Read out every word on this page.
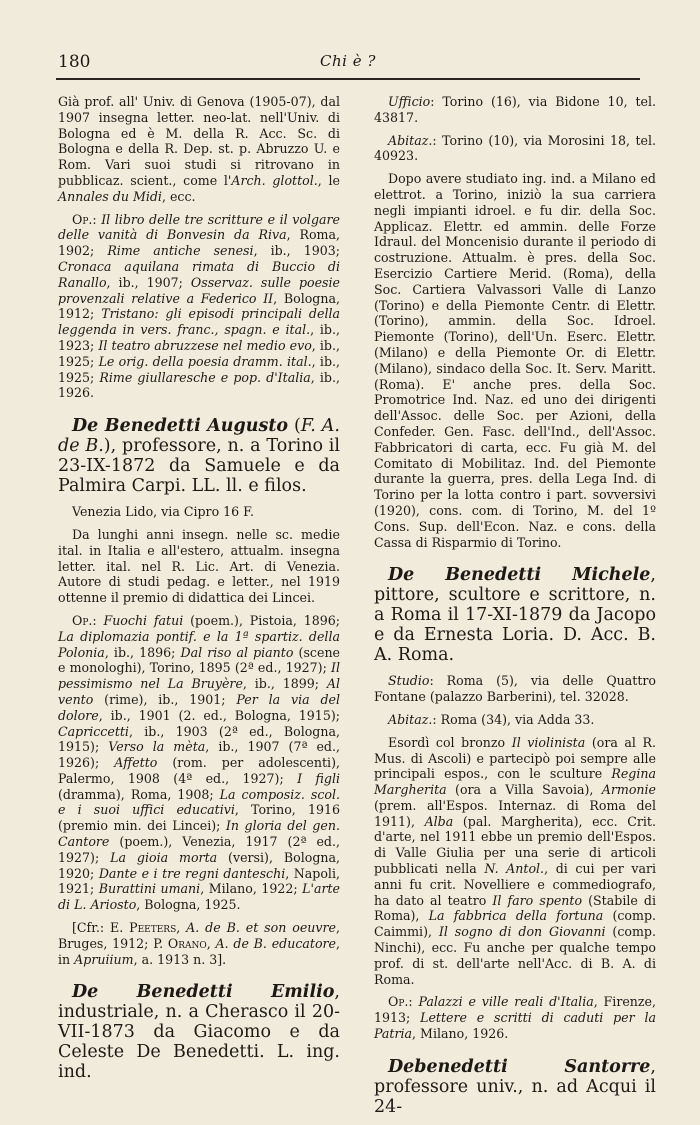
180	Chi è ?

Già prof. all' Univ. di Genova (1905-07), dal 1907 insegna letter. neo-lat. nell'Univ. di Bologna ed è M. della R. Acc. Sc. di Bologna e della R. Dep. st. p. Abruzzo U. e Rom. Vari suoi studi si ritrovano in pubblicaz. scient., come l'Arch. glottol., le Annales du Midi, ecc.

Op.: Il libro delle tre scritture e il volgare delle vanità di Bonvesin da Riva, Roma, 1902; Rime antiche senesi, ib., 1903; Cronaca aquilana rimata di Buccio di Ranallo, ib., 1907; Osservaz. sulle poesie provenzali relative a Federico II, Bologna, 1912; Tristano: gli episodi principali della leggenda in vers. franc., spagn. e ital., ib., 1923; Il teatro abruzzese nel medio evo, ib., 1925; Le orig. della poesia dramm. ital., ib., 1925; Rime giullaresche e pop. d'Italia, ib., 1926.

De Benedetti Augusto (F. A. de B.), professore, n. a Torino il 23-IX-1872 da Samuele e da Palmira Carpi. LL. ll. e filos.

Venezia Lido, via Cipro 16 F.

Da lunghi anni insegn. nelle sc. medie ital. in Italia e all'estero, attualm. insegna letter. ital. nel R. Lic. Art. di Venezia. Autore di studi pedag. e letter., nel 1919 ottenne il premio di didattica dei Lincei.

Op.: Fuochi fatui (poem.), Pistoia, 1896; La diplomazia pontif. e la 1ª spartiz. della Polonia, ib., 1896; Dal riso al pianto (scene e monologhi), Torino, 1895 (2ª ed., 1927); Il pessimismo nel La Bruyère, ib., 1899; Al vento (rime), ib., 1901; Per la via del dolore, ib., 1901 (2. ed., Bologna, 1915); Capriccetti, ib., 1903 (2ª ed., Bologna, 1915); Verso la mèta, ib., 1907 (7ª ed., 1926); Affetto (rom. per adolescenti), Palermo, 1908 (4ª ed., 1927); I figli (dramma), Roma, 1908; La composiz. scol. e i suoi uffici educativi, Torino, 1916 (premio min. dei Lincei); In gloria del gen. Cantore (poem.), Venezia, 1917 (2ª ed., 1927); La gioia morta (versi), Bologna, 1920; Dante e i tre regni danteschi, Napoli, 1921; Burattini umani, Milano, 1922; L'arte di L. Ariosto, Bologna, 1925.

[Cfr.: E. Peeters, A. de B. et son oeuvre, Bruges, 1912; P. Orano, A. de B. educatore, in Apruiium, a. 1913 n. 3].

De Benedetti Emilio, industriale, n. a Cherasco il 20-VII-1873 da Giacomo e da Celeste De Benedetti. L. ing. ind.

Ufficio: Torino (16), via Bidone 10, tel. 43817.

Abitaz.: Torino (10), via Morosini 18, tel. 40923.

Dopo avere studiato ing. ind. a Milano ed elettrot. a Torino, iniziò la sua carriera negli impianti idroel. e fu dir. della Soc. Applicaz. Elettr. ed ammin. delle Forze Idraul. del Moncenisio durante il periodo di costruzione. Attualm. è pres. della Soc. Esercizio Cartiere Merid. (Roma), della Soc. Cartiera Valvassori Valle di Lanzo (Torino) e della Piemonte Centr. di Elettr. (Torino), ammin. della Soc. Idroel. Piemonte (Torino), dell'Un. Eserc. Elettr. (Milano) e della Piemonte Or. di Elettr. (Milano), sindaco della Soc. It. Serv. Maritt. (Roma). E' anche pres. della Soc. Promotrice Ind. Naz. ed uno dei dirigenti dell'Assoc. delle Soc. per Azioni, della Confeder. Gen. Fasc. dell'Ind., dell'Assoc. Fabbricatori di carta, ecc. Fu già M. del Comitato di Mobilitaz. Ind. del Piemonte durante la guerra, pres. della Lega Ind. di Torino per la lotta contro i part. sovversivi (1920), cons. com. di Torino, M. del 1º Cons. Sup. dell'Econ. Naz. e cons. della Cassa di Risparmio di Torino.

De Benedetti Michele, pittore, scultore e scrittore, n. a Roma il 17-XI-1879 da Jacopo e da Ernesta Loria. D. Acc. B. A. Roma.

Studio: Roma (5), via delle Quattro Fontane (palazzo Barberini), tel. 32028.

Abitaz.: Roma (34), via Adda 33.

Esordì col bronzo Il violinista (ora al R. Mus. di Ascoli) e partecipò poi sempre alle principali espos., con le sculture Regina Margherita (ora a Villa Savoia), Armonie (prem. all'Espos. Internaz. di Roma del 1911), Alba (pal. Margherita), ecc. Crit. d'arte, nel 1911 ebbe un premio dell'Espos. di Valle Giulia per una serie di articoli pubblicati nella N. Antol., di cui per vari anni fu crit. Novelliere e commediografo, ha dato al teatro Il faro spento (Stabile di Roma), La fabbrica della fortuna (comp. Caimmi), Il sogno di don Giovanni (comp. Ninchi), ecc. Fu anche per qualche tempo prof. di st. dell'arte nell'Acc. di B. A. di Roma.

Op.: Palazzi e ville reali d'Italia, Firenze, 1913; Lettere e scritti di caduti per la Patria, Milano, 1926.

Debenedetti Santorre, professore univ., n. ad Acqui il 24-
